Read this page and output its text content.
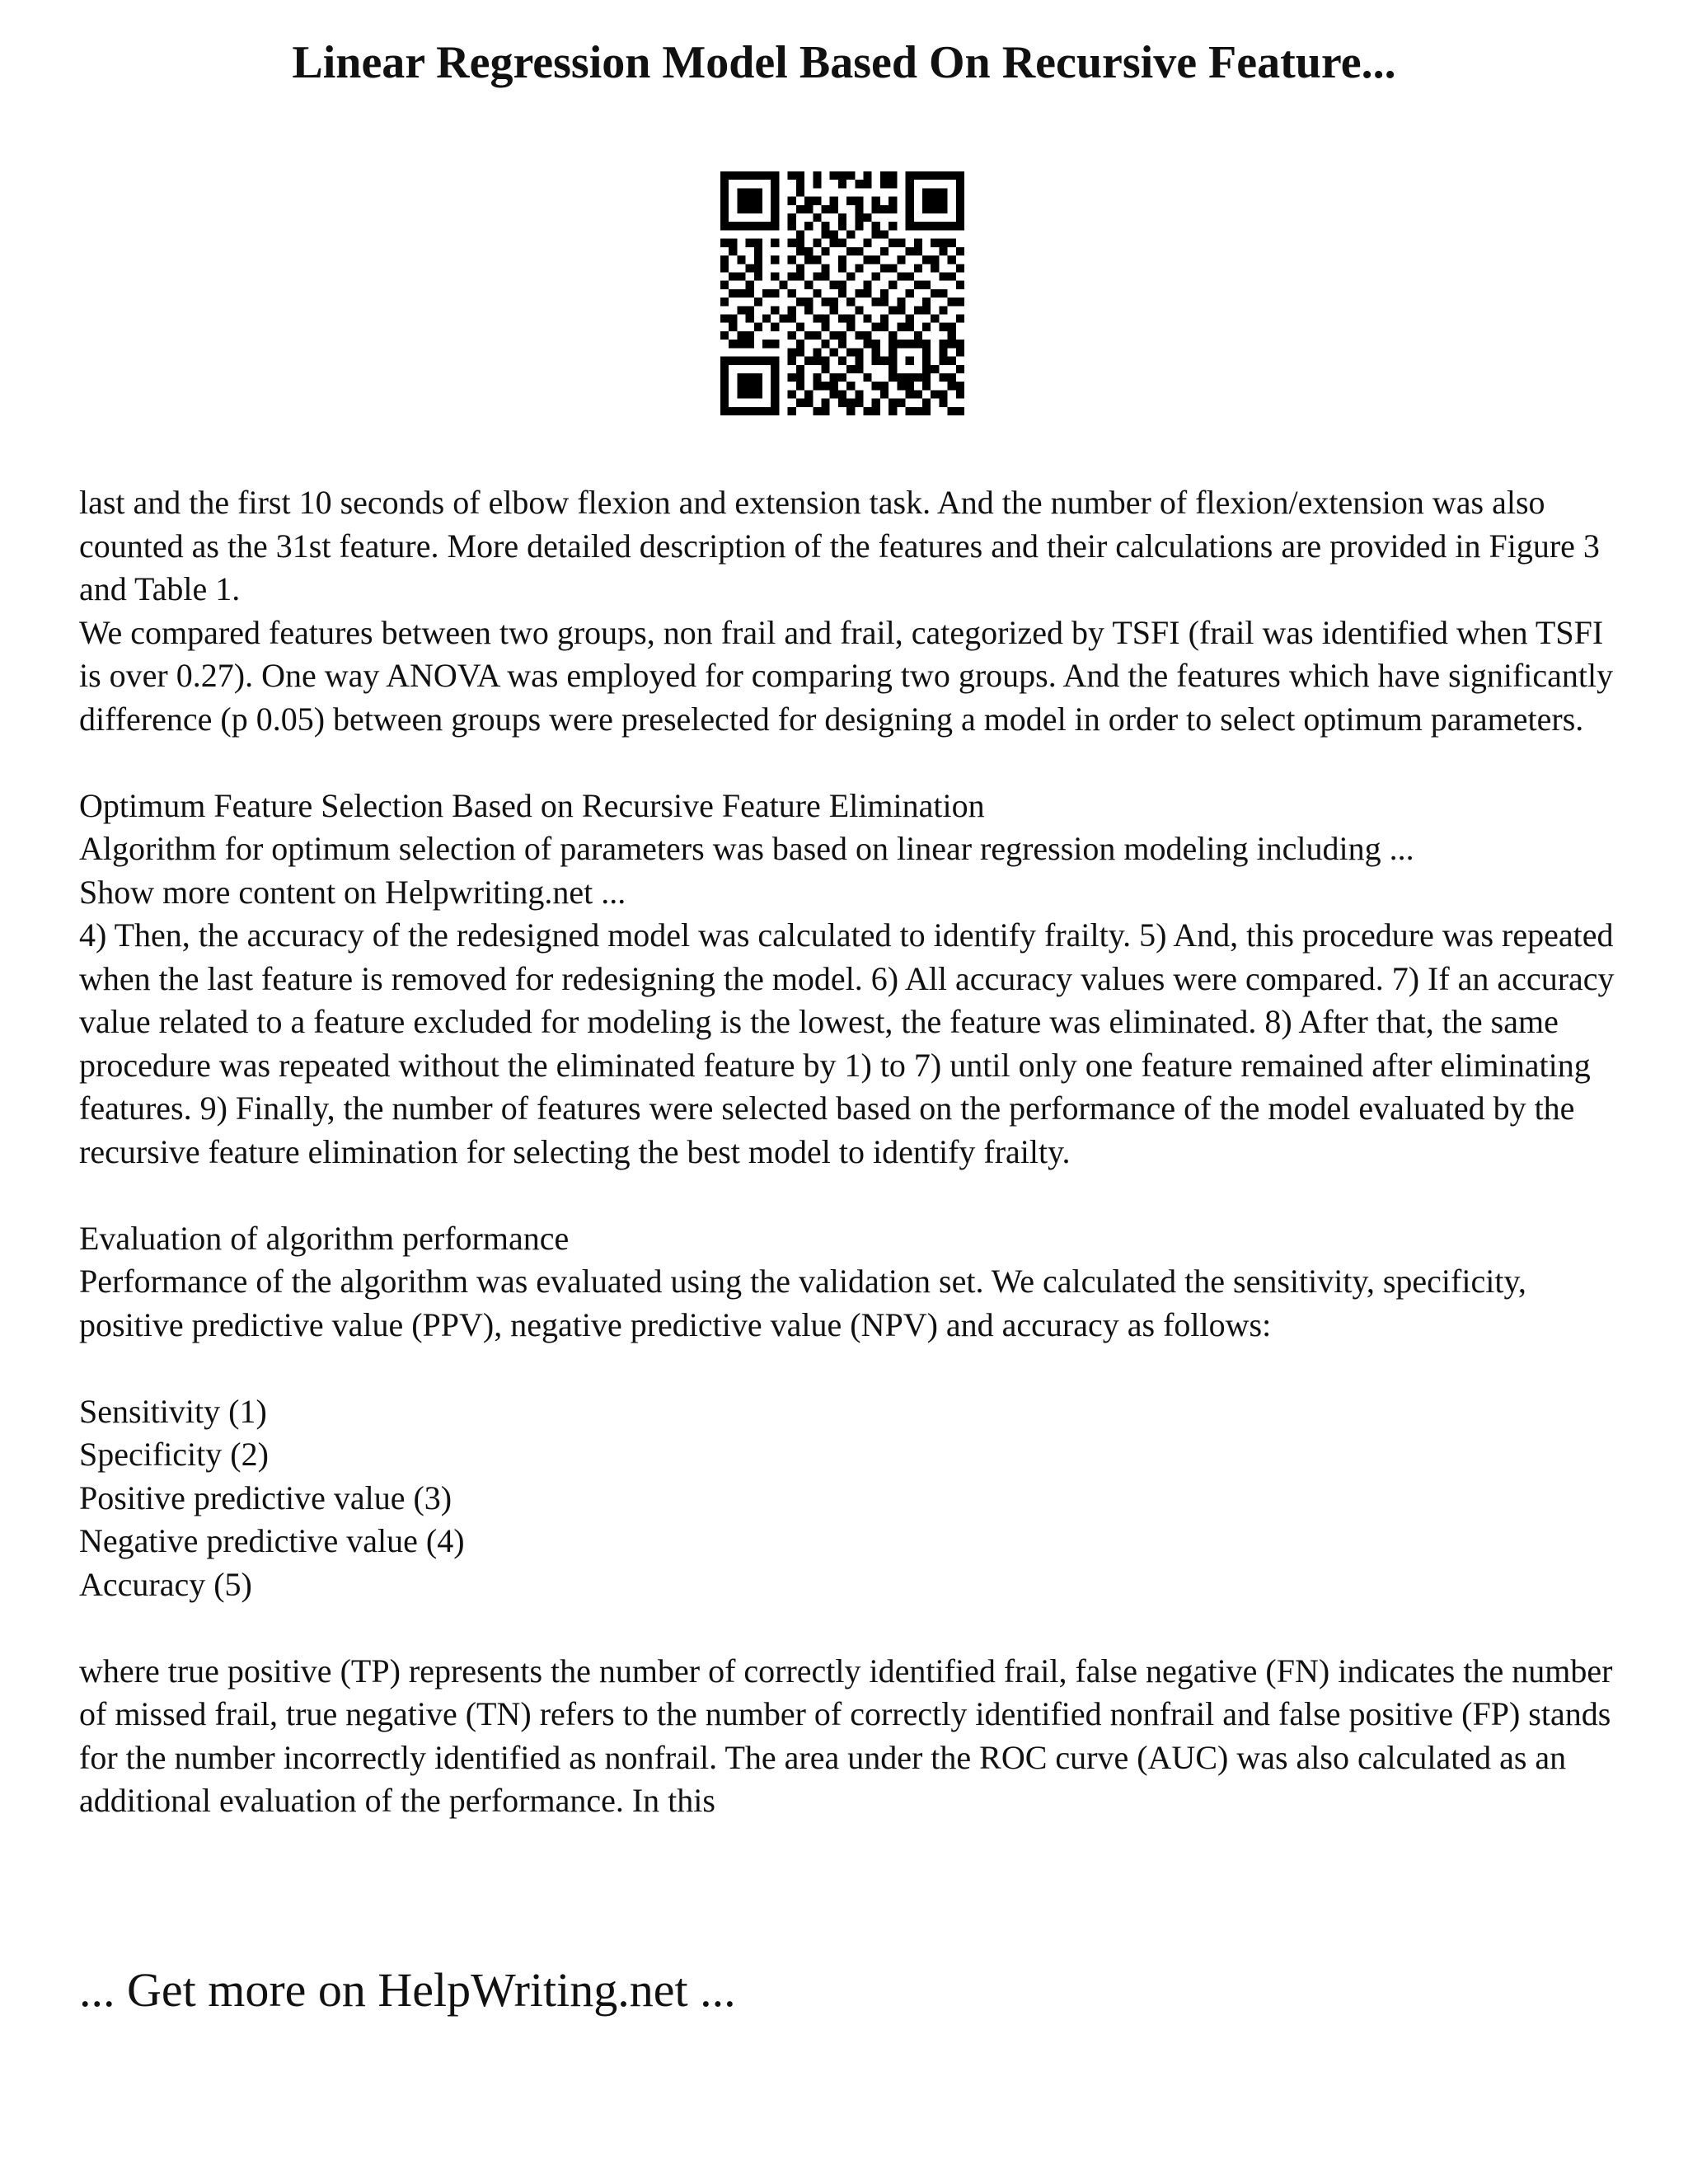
Linear Regression Model Based On Recursive Feature...

last and the first 10 seconds of elbow flexion and extension task. And the number of flexion/extension was also counted as the 31st feature. More detailed description of the features and their calculations are provided in Figure 3 and Table 1.

We compared features between two groups, non frail and frail, categorized by TSFI (frail was identified when TSFI is over 0.27). One way ANOVA was employed for comparing two groups. And the features which have significantly difference (p 0.05) between groups were preselected for designing a model in order to select optimum parameters.

Optimum Feature Selection Based on Recursive Feature Elimination

Algorithm for optimum selection of parameters was based on linear regression modeling including ...

Show more content on Helpwriting.net ...

4) Then, the accuracy of the redesigned model was calculated to identify frailty. 5) And, this procedure was repeated when the last feature is removed for redesigning the model. 6) All accuracy values were compared. 7) If an accuracy value related to a feature excluded for modeling is the lowest, the feature was eliminated. 8) After that, the same procedure was repeated without the eliminated feature by 1) to 7) until only one feature remained after eliminating features. 9) Finally, the number of features were selected based on the performance of the model evaluated by the recursive feature elimination for selecting the best model to identify frailty.

Evaluation of algorithm performance

Performance of the algorithm was evaluated using the validation set. We calculated the sensitivity, specificity, positive predictive value (PPV), negative predictive value (NPV) and accuracy as follows:

Sensitivity (1)

Specificity (2)

Positive predictive value (3)

Negative predictive value (4)

Accuracy (5)

where true positive (TP) represents the number of correctly identified frail, false negative (FN) indicates the number of missed frail, true negative (TN) refers to the number of correctly identified nonfrail and false positive (FP) stands for the number incorrectly identified as nonfrail. The area under the ROC curve (AUC) was also calculated as an additional evaluation of the performance. In this

... Get more on HelpWriting.net ...
